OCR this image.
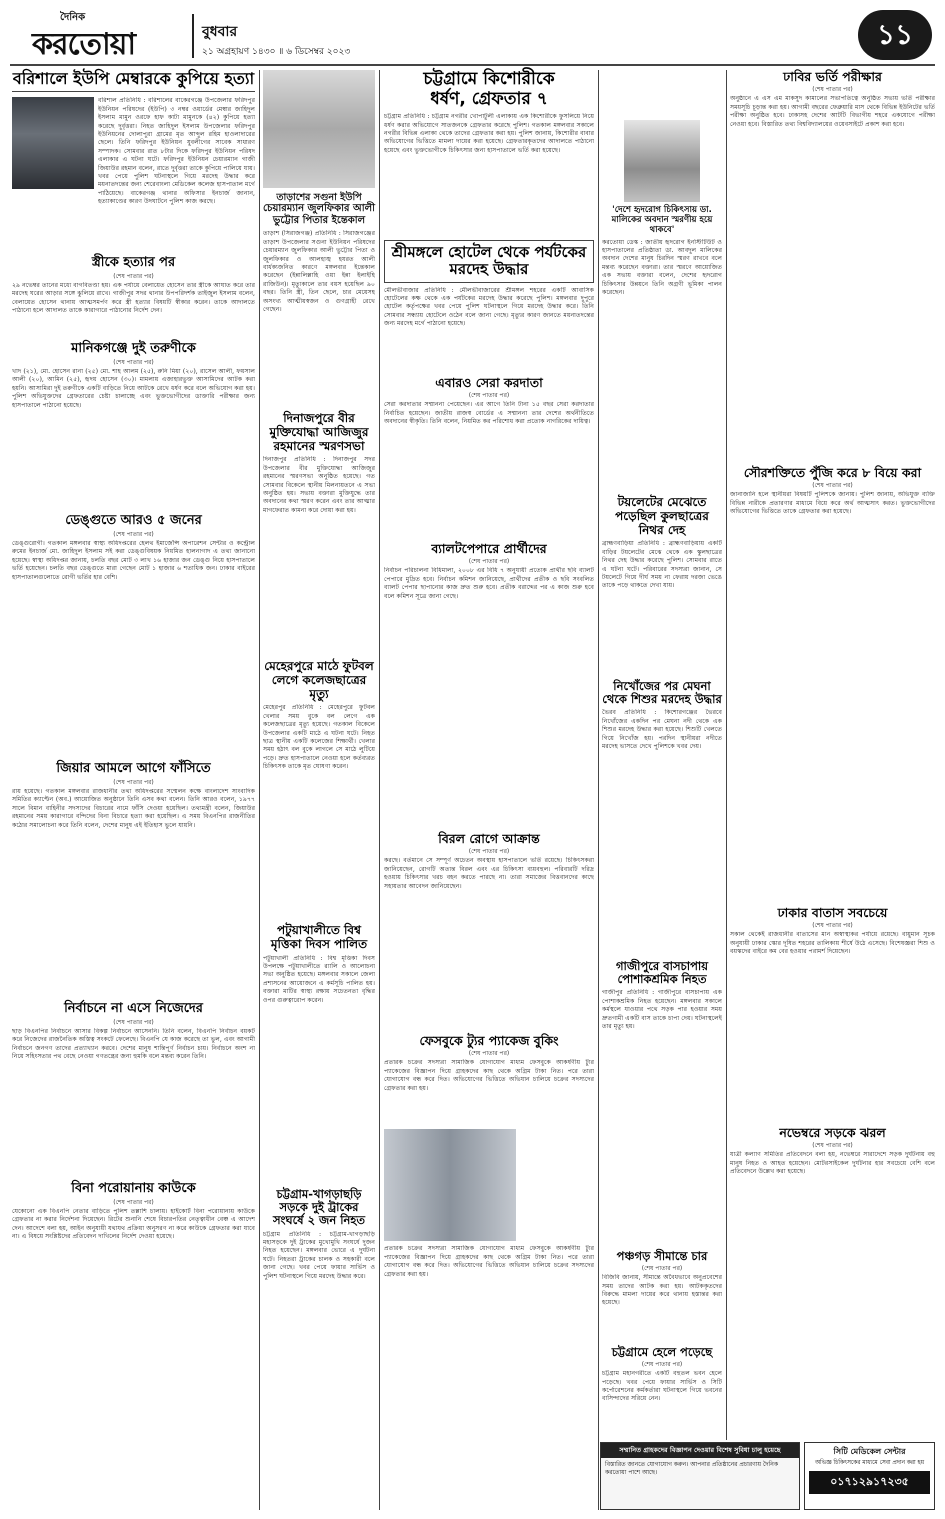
দৈনিক
করতোয়া	বুধবার
২১ অগ্রহায়ণ ১৪৩০ ॥ ৬ ডিসেম্বর ২০২৩
১১
বরিশালে ইউপি মেম্বারকে কুপিয়ে হত্যা
বরিশাল প্রতিনিধি : বরিশালের বাকেরগঞ্জে উপজেলার ফরিদপুর ইউনিয়ন পরিষদের (ইউপি) ৩ নম্বর ওয়ার্ডের মেম্বার জাহিদুল ইসলাম মামুন ওরফে হাফ কাটা মামুনকে (৪২) কুপিয়ে হত্যা করেছে দুর্বৃত্তরা। নিহত জাহিদুল ইসলাম উপজেলার ফরিদপুর ইউনিয়নের দোলাপুরা গ্রামের মৃত আব্দুল রহিম হাওলাদারের ছেলে। তিনি ফরিদপুর ইউনিয়ন যুবলীগের সাবেক সাধারণ সম্পাদক। সোমবার রাত ৮টার দিকে ফরিদপুর ইউনিয়ন পরিষদ এলাকার এ ঘটনা ঘটে। ফরিদপুর ইউনিয়ন চেয়ারম্যান গাজী জিয়াউর রহমান বলেন, রাতে দুর্বৃত্তরা তাকে কুপিয়ে পালিয়ে যায়। খবর পেয়ে পুলিশ ঘটনাস্থলে গিয়ে মরদেহ উদ্ধার করে ময়নাতদন্তের জন্য শেরেবাংলা মেডিকেল কলেজ হাসপাতাল মর্গে পাঠিয়েছে। বাকেরগঞ্জ থানার অফিসার ইনচার্জ জানান, হত্যাকাণ্ডের কারণ উদঘাটনে পুলিশ কাজ করছে।
স্ত্রীকে হত্যার পর
(শেষ পাতার পর)
২৯ নভেম্বর তানের মধ্যে বাগবিতণ্ডা হয়। এক পর্যায়ে বেলায়েত হোসেন তার স্ত্রীকে আঘাত করে তার মরদেহ ঘরের আড়ার সঙ্গে ঝুলিয়ে রাখে। গাজীপুর সদর থানার উপপরিদর্শক তাইজুল ইসলাম বলেন, বেলায়েত হোসেন থানায় আত্মসমর্পণ করে স্ত্রী হত্যার বিষয়টি স্বীকার করেন। তাকে আদালতে পাঠানো হলে আদালত তাকে কারাগারে পাঠানোর নির্দেশ দেন।
মানিকগঞ্জে দুই তরুণীকে
(শেষ পাতার পর)
খাদ (২১), মো. হোসেন রানা (২৫) মো. শাহ আলম (২৫), রুনি মিয়া (২০), রাসেল আলী, ফয়সাল আলী (২০), আমিন (২৫), হৃদয় হোসেন (৩০)। মামলায় এজাহারভুক্ত আসামিদের আটক করা হয়নি। আসামিরা দুই তরুণীকে একটি বাড়িতে নিয়ে আটকে রেখে ধর্ষণ করে বলে অভিযোগ করা হয়। পুলিশ অভিযুক্তদের গ্রেফতারের চেষ্টা চালাচ্ছে এবং ভুক্তভোগীদের ডাক্তারি পরীক্ষার জন্য হাসপাতালে পাঠানো হয়েছে।
ডেঙ্গুতে আরও ৫ জনের
(শেষ পাতার পর)
ডেঙ্গুরোগী। গতকাল মঙ্গলবার স্বাস্থ্য অধিদপ্তরের হেলথ ইমার্জেন্সি অপারেশন সেন্টার ও কন্ট্রোল রুমের ইনচার্জ মো. জাহিদুল ইসলাম সই করা ডেঙ্গুবিষয়ক নিয়মিত হালনাগাদ এ তথ্য জানানো হয়েছে। স্বাস্থ্য অধিদপ্তর জানায়, চলতি বছর মোট ৩ লাখ ১৬ হাজার জন ডেঙ্গু নিয়ে হাসপাতালে ভর্তি হয়েছেন। চলতি বছর ডেঙ্গুতে মারা গেছেন মোট ১ হাজার ৬ শতাধিক জন। ঢাকার বাইরের হাসপাতালগুলোতে রোগী ভর্তির হার বেশি।
জিয়ার আমলে আগে ফাঁসিতে
(শেষ পাতার পর)
রায় হয়েছে। গতকাল মঙ্গলবার রাজধানীর তথ্য অধিদপ্তরের সম্মেলন কক্ষে বাংলাদেশ সাংবাদিক সমিতির ক্যাপ্টেন (অব.) আয়োজিত অনুষ্ঠানে তিনি এসব কথা বলেন। তিনি আরও বলেন, ১৯৭৭ সালে বিমান বাহিনীর সদস্যদের বিচারের নামে ফাঁসি দেওয়া হয়েছিল। তথ্যমন্ত্রী বলেন, জিয়াউর রহমানের সময় কারাগারে বন্দিদের বিনা বিচারে হত্যা করা হয়েছিল। এ সময় বিএনপির রাজনীতির কঠোর সমালোচনা করে তিনি বলেন, দেশের মানুষ এই ইতিহাস ভুলে যায়নি।
নির্বাচনে না এসে নিজেদের
(শেষ পাতার পর)
ছাড় বিএনপির নির্বাচনে আসার বিকল্প নির্বাচনে আসেননি। তিনি বলেন, বিএনপি নির্বাচন বয়কট করে নিজেদের রাজনৈতিক অস্তিত্ব সংকটে ফেলেছে। বিএনপি যে কাজ করেছে তা ভুল, এবং আগামী নির্বাচনে জনগণ তাদের প্রত্যাখ্যান করবে। দেশের মানুষ শান্তিপূর্ণ নির্বাচন চায়। নির্বাচনে অংশ না নিয়ে সহিংসতার পথ বেছে নেওয়া গণতন্ত্রের জন্য হুমকি বলে মন্তব্য করেন তিনি।
বিনা পরোয়ানায় কাউকে
(শেষ পাতার পর)
যেকোনো এক বিএনপি নেতার বাড়িতে পুলিশ তল্লাশি চালায়। হাইকোর্ট বিনা পরোয়ানায় কাউকে গ্রেফতার না করার নির্দেশনা দিয়েছেন। রিটের শুনানি শেষে বিচারপতির নেতৃত্বাধীন বেঞ্চ এ আদেশ দেন। আদেশে বলা হয়, আইন অনুযায়ী যথাযথ প্রক্রিয়া অনুসরণ না করে কাউকে গ্রেফতার করা যাবে না। এ বিষয়ে সংশ্লিষ্টদের প্রতিবেদন দাখিলের নির্দেশ দেওয়া হয়েছে।
তাড়াশের সগুনা ইউপি
চেয়ারম্যান জুলফিকার আলী ভুট্টোর পিতার ইন্তেকাল
তাড়াশ (সিরাজগঞ্জ) প্রতিনিধি : সিরাজগঞ্জের তাড়াশ উপজেলার সগুনা ইউনিয়ন পরিষদের চেয়ারম্যান জুলফিকার আলী ভুট্টোর পিতা ও জুলফিকার ও আলহাজ্ব হযরত আলী বার্ধক্যজনিত কারণে মঙ্গলবার ইন্তেকাল করেছেন (ইন্নালিল্লাহি ওয়া ইন্না ইলাইহি রাজিউন)। মৃত্যুকালে তার বয়স হয়েছিল ৯০ বছর। তিনি স্ত্রী, তিন ছেলে, চার মেয়েসহ অসংখ্য আত্মীয়স্বজন ও গুণগ্রাহী রেখে গেছেন।
দিনাজপুরে বীর মুক্তিযোদ্ধা আজিজুর রহমানের স্মরণসভা
দিনাজপুর প্রতিনিধি : দিনাজপুর সদর উপজেলার বীর মুক্তিযোদ্ধা আজিজুর রহমানের স্মরণসভা অনুষ্ঠিত হয়েছে। গত সোমবার বিকেলে স্থানীয় মিলনায়তনে এ সভা অনুষ্ঠিত হয়। সভায় বক্তারা মুক্তিযুদ্ধে তার অবদানের কথা স্মরণ করেন এবং তার আত্মার মাগফেরাত কামনা করে দোয়া করা হয়।
মেহেরপুরে মাঠে ফুটবল লেগে কলেজছাত্রের মৃত্যু
মেহেরপুর প্রতিনিধি : মেহেরপুরে ফুটবল খেলার সময় বুকে বল লেগে এক কলেজছাত্রের মৃত্যু হয়েছে। গতকাল বিকেলে উপজেলার একটি মাঠে এ ঘটনা ঘটে। নিহত ছাত্র স্থানীয় একটি কলেজের শিক্ষার্থী। খেলার সময় হঠাৎ বল বুকে লাগলে সে মাঠে লুটিয়ে পড়ে। দ্রুত হাসপাতালে নেওয়া হলে কর্তব্যরত চিকিৎসক তাকে মৃত ঘোষণা করেন।
পটুয়াখালীতে বিশ্ব মৃত্তিকা দিবস পালিত
পটুয়াখালী প্রতিনিধি : বিশ্ব মৃত্তিকা দিবস উপলক্ষে পটুয়াখালীতে র‍্যালি ও আলোচনা সভা অনুষ্ঠিত হয়েছে। মঙ্গলবার সকালে জেলা প্রশাসনের আয়োজনে এ কর্মসূচি পালিত হয়। বক্তারা মাটির স্বাস্থ্য রক্ষায় সচেতনতা বৃদ্ধির ওপর গুরুত্বারোপ করেন।
চট্টগ্রাম-খাগড়াছড়ি সড়কে দুই ট্রাকের সংঘর্ষে ২ জন নিহত
চট্টগ্রাম প্রতিনিধি : চট্টগ্রাম-খাগড়াছড়ি মহাসড়কে দুই ট্রাকের মুখোমুখি সংঘর্ষে দুজন নিহত হয়েছেন। মঙ্গলবার ভোরে এ দুর্ঘটনা ঘটে। নিহতরা ট্রাকের চালক ও সহকারী বলে জানা গেছে। খবর পেয়ে ফায়ার সার্ভিস ও পুলিশ ঘটনাস্থলে গিয়ে মরদেহ উদ্ধার করে।
চট্টগ্রামে কিশোরীকে
ধর্ষণ, গ্রেফতার ৭
চট্টগ্রাম প্রতিনিধি : চট্টগ্রাম নগরীর খোপাটুলী এলাকায় এক কিশোরীকে ফুসলিয়ে নিয়ে ধর্ষণ করার অভিযোগে সাতজনকে গ্রেফতার করেছে পুলিশ। গতকাল মঙ্গলবার সকালে নগরীর বিভিন্ন এলাকা থেকে তাদের গ্রেফতার করা হয়। পুলিশ জানায়, কিশোরীর বাবার অভিযোগের ভিত্তিতে মামলা দায়ের করা হয়েছে। গ্রেফতারকৃতদের আদালতে পাঠানো হয়েছে এবং ভুক্তভোগীকে চিকিৎসার জন্য হাসপাতালে ভর্তি করা হয়েছে।
শ্রীমঙ্গলে হোটেল থেকে পর্যটকের মরদেহ উদ্ধার
মৌলভীবাজার প্রতিনিধি : মৌলভীবাজারের শ্রীমঙ্গল শহরের একটি আবাসিক হোটেলের কক্ষ থেকে এক পর্যটকের মরদেহ উদ্ধার করেছে পুলিশ। মঙ্গলবার দুপুরে হোটেল কর্তৃপক্ষের খবর পেয়ে পুলিশ ঘটনাস্থলে গিয়ে মরদেহ উদ্ধার করে। তিনি সোমবার সন্ধ্যায় হোটেলে ওঠেন বলে জানা গেছে। মৃত্যুর কারণ জানতে ময়নাতদন্তের জন্য মরদেহ মর্গে পাঠানো হয়েছে।
এবারও সেরা করদাতা
(শেষ পাতার পর)
সেরা করদাতার সম্মাননা পেয়েছেন। এর আগে তিনি টানা ১৫ বছর সেরা করদাতার নির্বাচিত হয়েছেন। জাতীয় রাজস্ব বোর্ডের এ সম্মাননা তার দেশের অর্থনীতিতে অবদানের স্বীকৃতি। তিনি বলেন, নিয়মিত কর পরিশোধ করা প্রত্যেক নাগরিকের দায়িত্ব।
ব্যালটপেপারে প্রার্থীদের
(শেষ পাতার পর)
নির্বাচন পরিচালনা বিধিমালা, ২০০৮ এর বিধি ৭ অনুযায়ী প্রত্যেক প্রার্থীর ছবি ব্যালট পেপারে মুদ্রিত হবে। নির্বাচন কমিশন জানিয়েছে, প্রার্থীদের প্রতীক ও ছবি সংবলিত ব্যালট পেপার ছাপানোর কাজ দ্রুত শুরু হবে। প্রতীক বরাদ্দের পর এ কাজ শুরু হবে বলে কমিশন সূত্রে জানা গেছে।
বিরল রোগে আক্রান্ত
(শেষ পাতার পর)
করছে। বর্তমানে সে সম্পূর্ণ অচেতন অবস্থায় হাসপাতালে ভর্তি রয়েছে। চিকিৎসকরা জানিয়েছেন, রোগটি অত্যন্ত বিরল এবং এর চিকিৎসা ব্যয়বহুল। পরিবারটি দরিদ্র হওয়ায় চিকিৎসার খরচ বহন করতে পারছে না। তারা সমাজের বিত্তবানদের কাছে সহায়তার আবেদন জানিয়েছেন।
ফেসবুকে ট্যুর প্যাকেজ বুকিং
(শেষ পাতার পর)
প্রতারক চক্রের সদস্যরা সামাজিক যোগাযোগ মাধ্যম ফেসবুকে আকর্ষণীয় ট্যুর প্যাকেজের বিজ্ঞাপন দিয়ে গ্রাহকদের কাছ থেকে অগ্রিম টাকা নিত। পরে তারা যোগাযোগ বন্ধ করে দিত। অভিযোগের ভিত্তিতে অভিযান চালিয়ে চক্রের সদস্যদের গ্রেফতার করা হয়।
প্রতারক চক্রের সদস্যরা সামাজিক যোগাযোগ মাধ্যম ফেসবুকে আকর্ষণীয় ট্যুর প্যাকেজের বিজ্ঞাপন দিয়ে গ্রাহকদের কাছ থেকে অগ্রিম টাকা নিত। পরে তারা যোগাযোগ বন্ধ করে দিত। অভিযোগের ভিত্তিতে অভিযান চালিয়ে চক্রের সদস্যদের গ্রেফতার করা হয়।
'দেশে হৃদরোগ চিকিৎসায় ডা. মালিকের অবদান স্মরণীয় হয়ে থাকবে'
করতোয়া ডেস্ক : জাতীয় হৃদরোগ ইনস্টিটিউট ও হাসপাতালের প্রতিষ্ঠাতা ডা. আবদুল মালিকের অবদান দেশের মানুষ চিরদিন স্মরণ রাখবে বলে মন্তব্য করেছেন বক্তারা। তার স্মরণে আয়োজিত এক সভায় বক্তারা বলেন, দেশের হৃদরোগ চিকিৎসার উন্নয়নে তিনি অগ্রণী ভূমিকা পালন করেছেন।
টয়লেটের মেঝেতে পড়েছিল কুলছাত্রের নিথর দেহ
ব্রাহ্মণবাড়িয়া প্রতিনিধি : ব্রাহ্মণবাড়িয়ায় একটি বাড়ির টয়লেটের মেঝে থেকে এক স্কুলছাত্রের নিথর দেহ উদ্ধার করেছে পুলিশ। সোমবার রাতে এ ঘটনা ঘটে। পরিবারের সদস্যরা জানান, সে টয়লেটে গিয়ে দীর্ঘ সময় না ফেরায় দরজা ভেঙে তাকে পড়ে থাকতে দেখা যায়।
নিখোঁজের পর মেঘনা থেকে শিশুর মরদেহ উদ্ধার
ভৈরব প্রতিনিধি : কিশোরগঞ্জের ভৈরবে নিখোঁজের একদিন পর মেঘনা নদী থেকে এক শিশুর মরদেহ উদ্ধার করা হয়েছে। শিশুটি খেলতে গিয়ে নিখোঁজ হয়। পরদিন স্থানীয়রা নদীতে মরদেহ ভাসতে দেখে পুলিশকে খবর দেয়।
গাজীপুরে বাসচাপায় পোশাকশ্রমিক নিহত
গাজীপুর প্রতিনিধি : গাজীপুরে বাসচাপায় এক পোশাকশ্রমিক নিহত হয়েছেন। মঙ্গলবার সকালে কর্মস্থলে যাওয়ার পথে সড়ক পার হওয়ার সময় দ্রুতগামী একটি বাস তাকে চাপা দেয়। ঘটনাস্থলেই তার মৃত্যু হয়।
পঞ্চগড় সীমান্তে চার
(শেষ পাতার পর)
বিজিবি জানায়, সীমান্তে অবৈধভাবে অনুপ্রবেশের সময় তাদের আটক করা হয়। আটককৃতদের বিরুদ্ধে মামলা দায়ের করে থানায় হস্তান্তর করা হয়েছে।
চট্টগ্রামে হেলে পড়েছে
(শেষ পাতার পর)
চট্টগ্রাম মহানগরীতে একটি বহুতল ভবন হেলে পড়েছে। খবর পেয়ে ফায়ার সার্ভিস ও সিটি কর্পোরেশনের কর্মকর্তারা ঘটনাস্থলে গিয়ে ভবনের বাসিন্দাদের সরিয়ে নেন।
ঢাবির ভর্তি পরীক্ষার
(শেষ পাতার পর)
অনুষ্ঠানে এ এস এম মাকসুদ কামালের সভাপতিত্বে অনুষ্ঠিত সভায় ভর্তি পরীক্ষার সময়সূচি চূড়ান্ত করা হয়। আগামী বছরের ফেব্রুয়ারি মাস থেকে বিভিন্ন ইউনিটের ভর্তি পরীক্ষা অনুষ্ঠিত হবে। ঢাকাসহ দেশের আটটি বিভাগীয় শহরে একযোগে পরীক্ষা নেওয়া হবে। বিস্তারিত তথ্য বিশ্ববিদ্যালয়ের ওয়েবসাইটে প্রকাশ করা হবে।
সৌরশক্তিতে পুঁজি করে ৮ বিয়ে করা
(শেষ পাতার পর)
জানাজানি হলে স্থানীয়রা বিষয়টি পুলিশকে জানায়। পুলিশ জানায়, অভিযুক্ত ব্যক্তি বিভিন্ন নারীকে প্রতারণার মাধ্যমে বিয়ে করে অর্থ আত্মসাৎ করত। ভুক্তভোগীদের অভিযোগের ভিত্তিতে তাকে গ্রেফতার করা হয়েছে।
ঢাকার বাতাস সবচেয়ে
(শেষ পাতার পর)
সকাল থেকেই রাজধানীর বাতাসের মান অস্বাস্থ্যকর পর্যায়ে রয়েছে। বায়ুমান সূচক অনুযায়ী ঢাকার স্কোর দূষিত শহরের তালিকায় শীর্ষে উঠে এসেছে। বিশেষজ্ঞরা শিশু ও বয়স্কদের বাইরে কম বের হওয়ার পরামর্শ দিয়েছেন।
নভেম্বরে সড়কে ঝরল
(শেষ পাতার পর)
যাত্রী কল্যাণ সমিতির প্রতিবেদনে বলা হয়, নভেম্বরে সারাদেশে সড়ক দুর্ঘটনায় বহু মানুষ নিহত ও আহত হয়েছেন। মোটরসাইকেল দুর্ঘটনার হার সবচেয়ে বেশি বলে প্রতিবেদনে উল্লেখ করা হয়েছে।
সম্মানিত গ্রাহকদের বিজ্ঞাপন দেওয়ার বিশেষ সুবিধা চালু হয়েছে
বিস্তারিত জানতে যোগাযোগ করুন। আপনার প্রতিষ্ঠানের প্রচারণায় দৈনিক করতোয়া পাশে আছে।
সিটি মেডিকেল সেন্টার
অভিজ্ঞ চিকিৎসকের মাধ্যমে সেবা প্রদান করা হয়
০১৭১২৯১৭২৩৫
